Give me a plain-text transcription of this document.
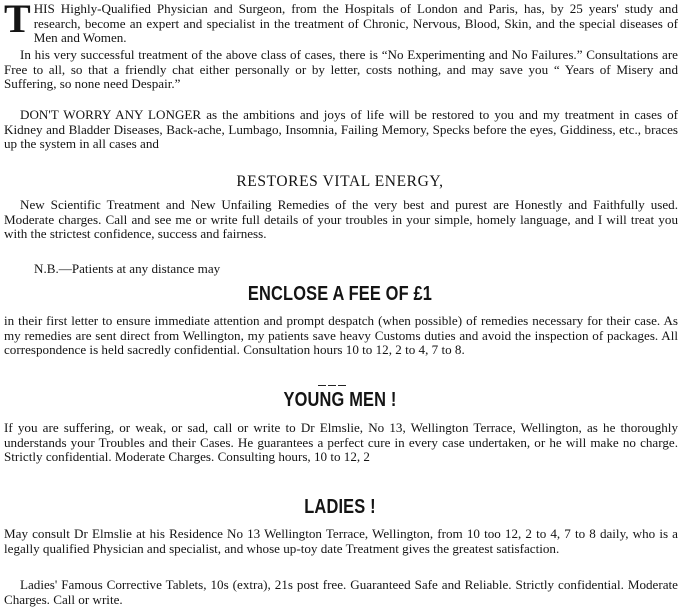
THIS Highly-Qualified Physician and Surgeon, from the Hospitals of London and Paris, has, by 25 years' study and research, become an expert and specialist in the treatment of Chronic, Nervous, Blood, Skin, and the special diseases of Men and Women.

In his very successful treatment of the above class of cases, there is “No Experimenting and No Failures.” Consultations are Free to all, so that a friendly chat either personally or by letter, costs nothing, and may save you “ Years of Misery and Suffering, so none need Despair.”

DON'T WORRY ANY LONGER as the ambitions and joys of life will be restored to you and my treatment in cases of Kidney and Bladder Diseases, Back-ache, Lumbago, Insomnia, Failing Memory, Specks before the eyes, Giddiness, etc., braces up the system in all cases and

RESTORES VITAL ENERGY,

New Scientific Treatment and New Unfailing Remedies of the very best and purest are Honestly and Faithfully used. Moderate charges. Call and see me or write full details of your troubles in your simple, homely language, and I will treat you with the strictest confidence, success and fairness.

N.B.—Patients at any distance may

ENCLOSE A FEE OF £1

in their first letter to ensure immediate attention and prompt despatch (when possible) of remedies necessary for their case. As my remedies are sent direct from Wellington, my patients save heavy Customs duties and avoid the inspection of packages. All correspondence is held sacredly confidential. Consultation hours 10 to 12, 2 to 4, 7 to 8.

YOUNG MEN !

If you are suffering, or weak, or sad, call or write to Dr Elmslie, No 13, Wellington Terrace, Wellington, as he thoroughly understands your Troubles and their Cases. He guarantees a perfect cure in every case undertaken, or he will make no charge. Strictly confidential. Moderate Charges. Consulting hours, 10 to 12, 2

LADIES !

May consult Dr Elmslie at his Residence No 13 Wellington Terrace, Wellington, from 10 too 12, 2 to 4, 7 to 8 daily, who is a legally qualified Physician and specialist, and whose up-toy date Treatment gives the greatest satisfaction.

Ladies' Famous Corrective Tablets, 10s (extra), 21s post free. Guaranteed Safe and Reliable. Strictly confidential. Moderate Charges. Call or write.
